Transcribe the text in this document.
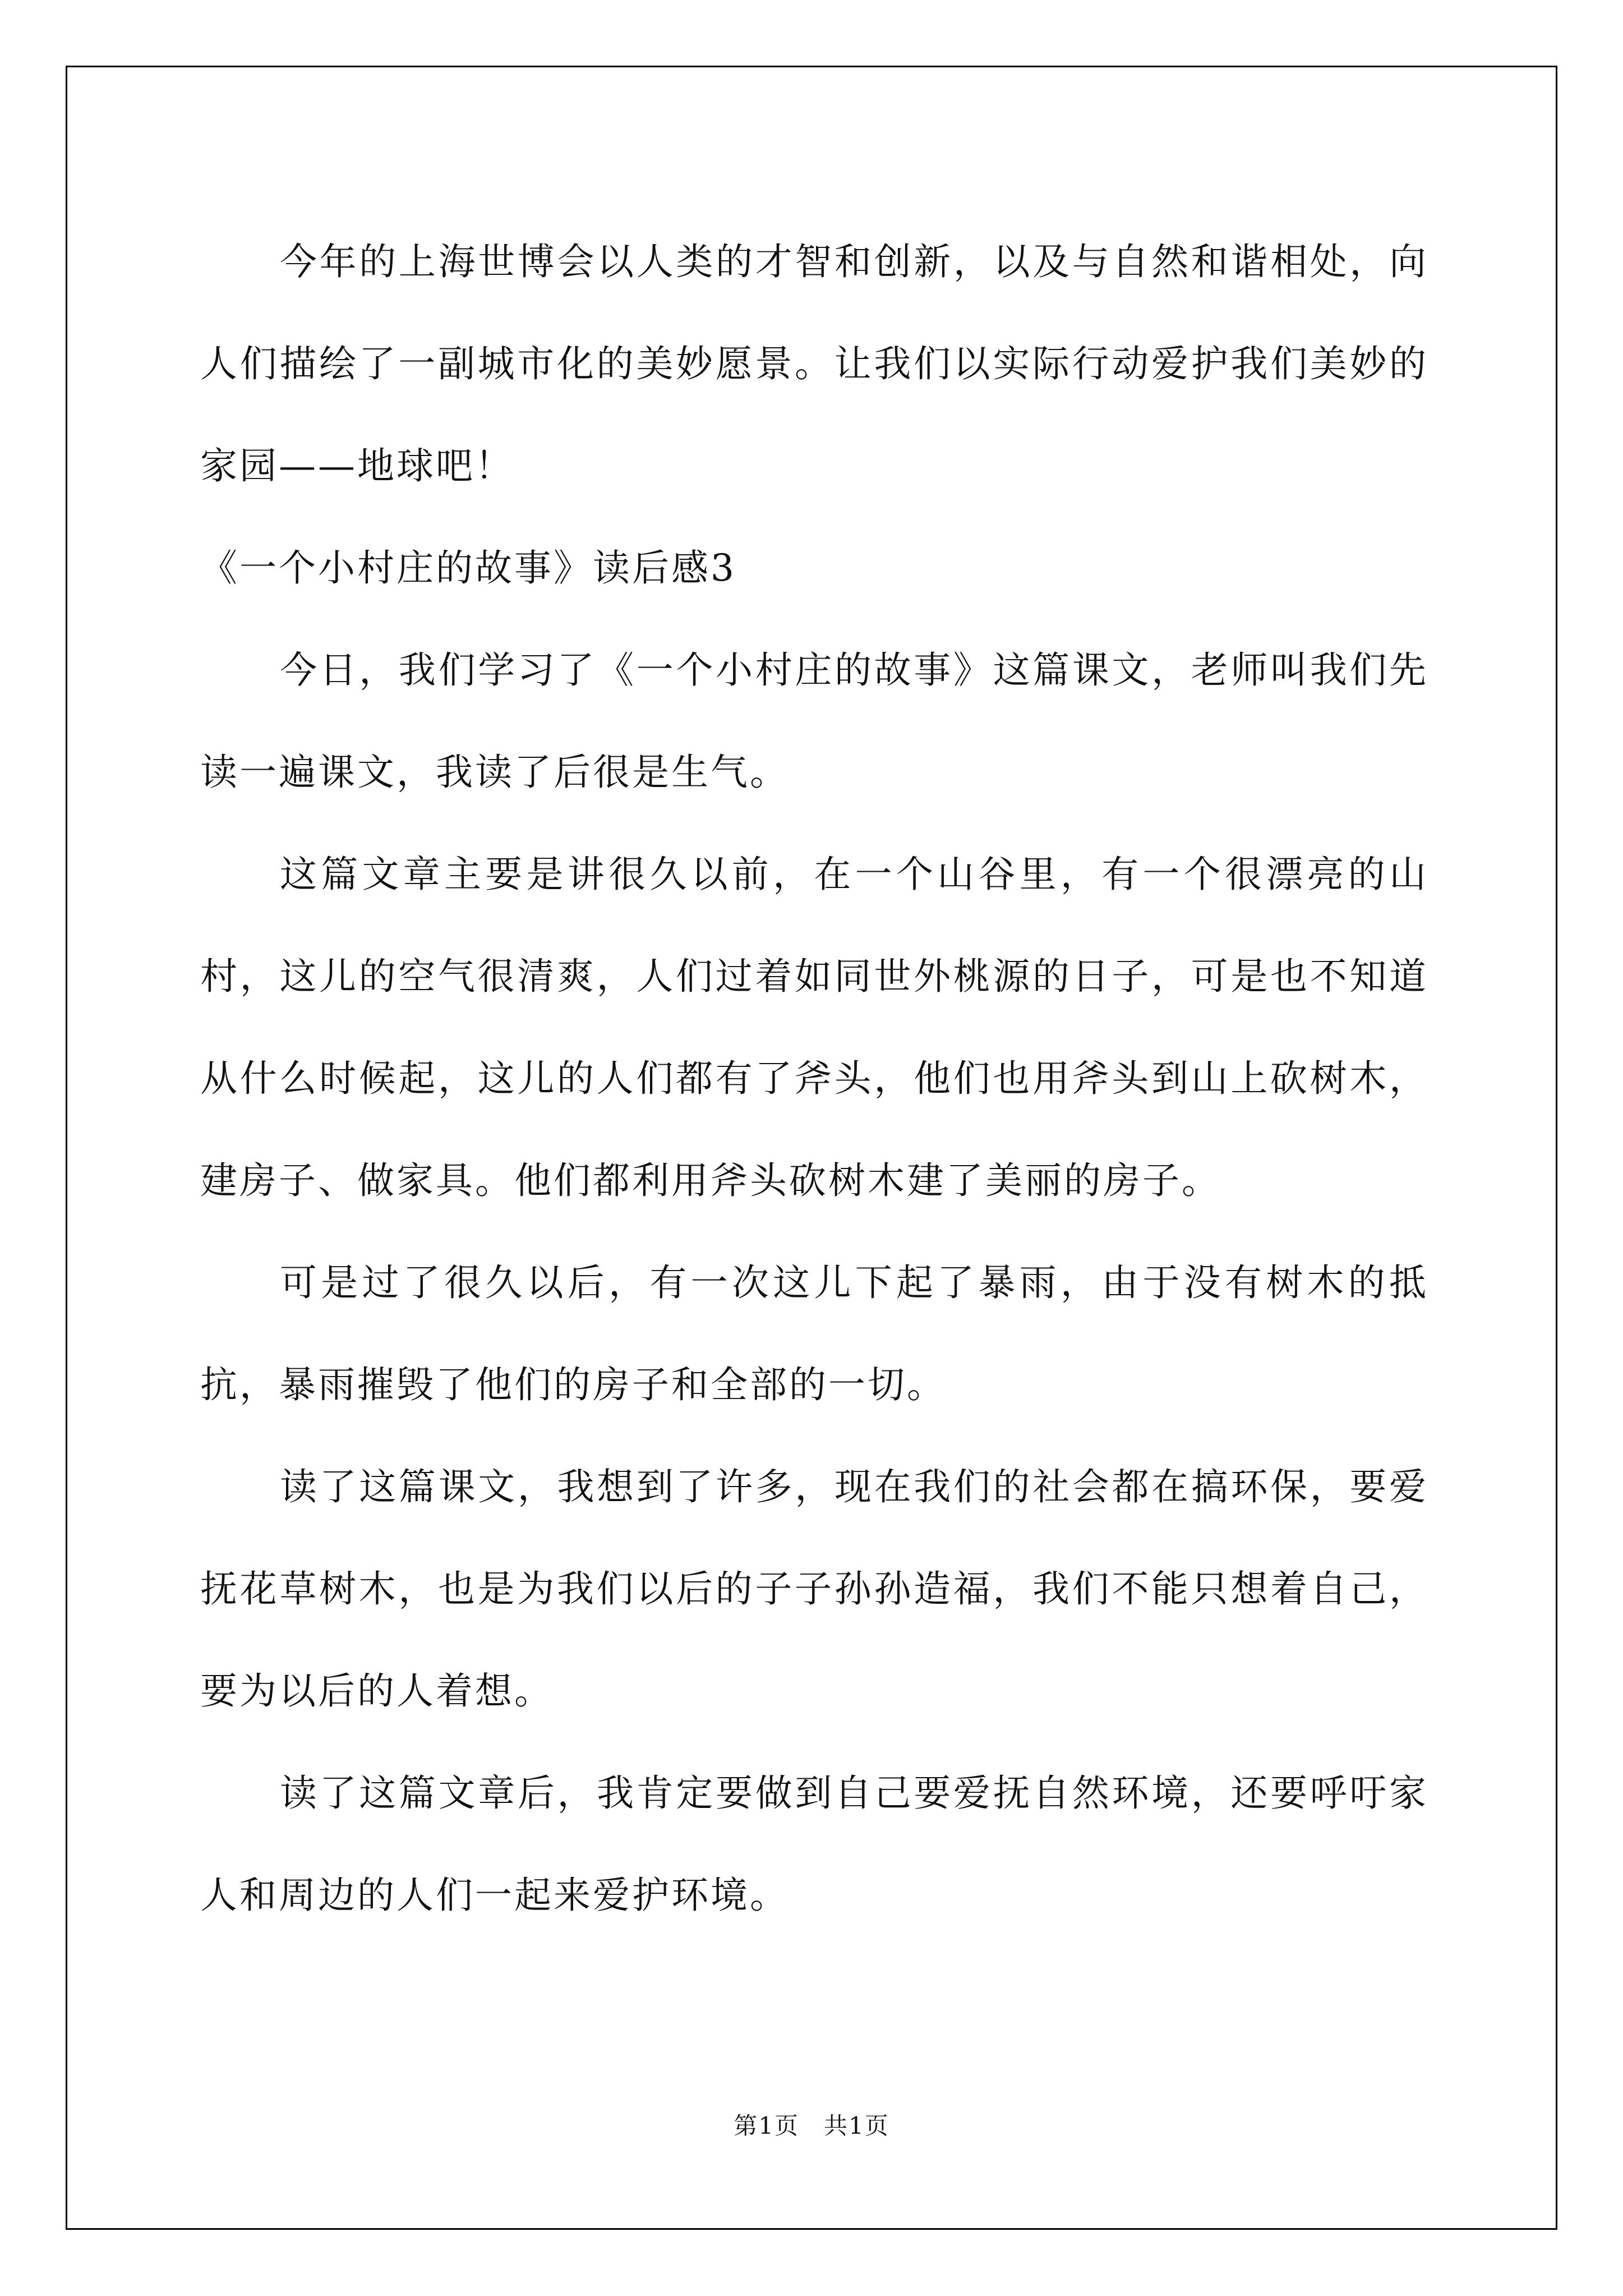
今年的上海世博会以人类的才智和创新，以及与自然和谐相处，向人们描绘了一副城市化的美妙愿景。让我们以实际行动爱护我们美妙的家园——地球吧！

《一个小村庄的故事》读后感3

今日，我们学习了《一个小村庄的故事》这篇课文，老师叫我们先读一遍课文，我读了后很是生气。

这篇文章主要是讲很久以前，在一个山谷里，有一个很漂亮的山村，这儿的空气很清爽，人们过着如同世外桃源的日子，可是也不知道从什么时候起，这儿的人们都有了斧头，他们也用斧头到山上砍树木，建房子、做家具。他们都利用斧头砍树木建了美丽的房子。

可是过了很久以后，有一次这儿下起了暴雨，由于没有树木的抵抗，暴雨摧毁了他们的房子和全部的一切。

读了这篇课文，我想到了许多，现在我们的社会都在搞环保，要爱抚花草树木，也是为我们以后的子子孙孙造福，我们不能只想着自己，要为以后的人着想。

读了这篇文章后，我肯定要做到自己要爱抚自然环境，还要呼吁家人和周边的人们一起来爱护环境。

第1页　共1页
